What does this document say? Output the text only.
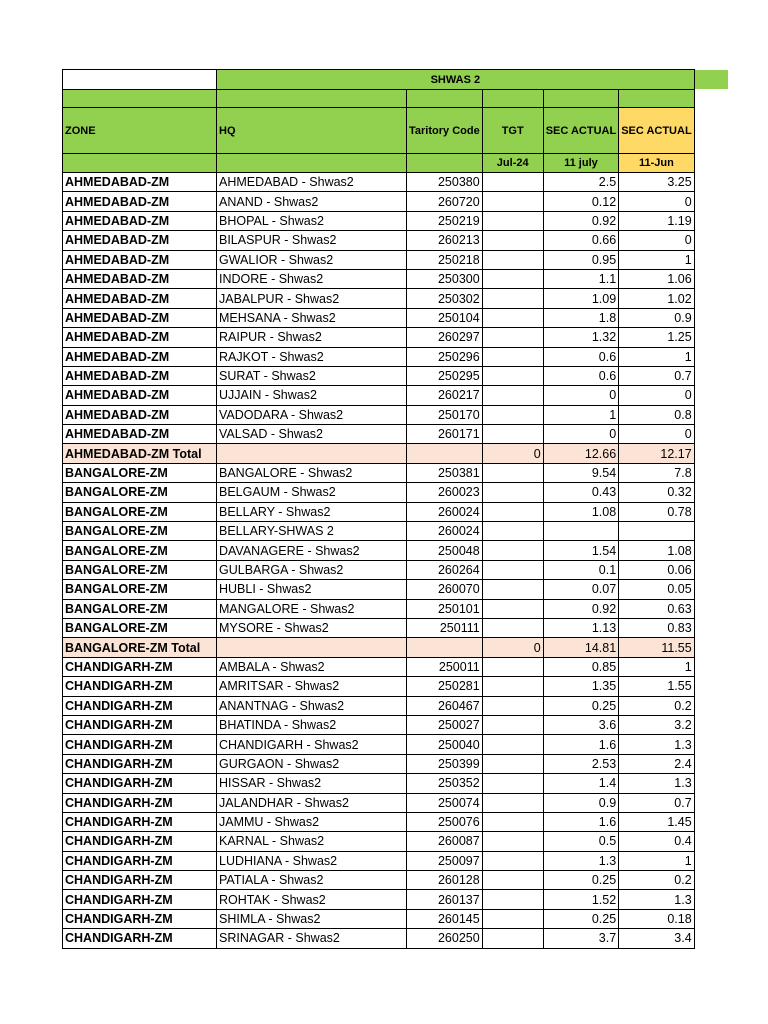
	SHWAS 2				

ZONE	HQ	Taritory Code	TGT	SEC ACTUAL	SEC ACTUAL
			Jul-24	11 july	11-Jun
AHMEDABAD-ZM	AHMEDABAD - Shwas2	250380		2.5	3.25
AHMEDABAD-ZM	ANAND - Shwas2	260720		0.12	0
AHMEDABAD-ZM	BHOPAL - Shwas2	250219		0.92	1.19
AHMEDABAD-ZM	BILASPUR - Shwas2	260213		0.66	0
AHMEDABAD-ZM	GWALIOR - Shwas2	250218		0.95	1
AHMEDABAD-ZM	INDORE - Shwas2	250300		1.1	1.06
AHMEDABAD-ZM	JABALPUR - Shwas2	250302		1.09	1.02
AHMEDABAD-ZM	MEHSANA - Shwas2	250104		1.8	0.9
AHMEDABAD-ZM	RAIPUR - Shwas2	260297		1.32	1.25
AHMEDABAD-ZM	RAJKOT - Shwas2	250296		0.6	1
AHMEDABAD-ZM	SURAT - Shwas2	250295		0.6	0.7
AHMEDABAD-ZM	UJJAIN - Shwas2	260217		0	0
AHMEDABAD-ZM	VADODARA - Shwas2	250170		1	0.8
AHMEDABAD-ZM	VALSAD - Shwas2	260171		0	0
AHMEDABAD-ZM Total			0	12.66	12.17
BANGALORE-ZM	BANGALORE - Shwas2	250381		9.54	7.8
BANGALORE-ZM	BELGAUM - Shwas2	260023		0.43	0.32
BANGALORE-ZM	BELLARY - Shwas2	260024		1.08	0.78
BANGALORE-ZM	BELLARY-SHWAS 2	260024			
BANGALORE-ZM	DAVANAGERE - Shwas2	250048		1.54	1.08
BANGALORE-ZM	GULBARGA - Shwas2	260264		0.1	0.06
BANGALORE-ZM	HUBLI - Shwas2	260070		0.07	0.05
BANGALORE-ZM	MANGALORE - Shwas2	250101		0.92	0.63
BANGALORE-ZM	MYSORE - Shwas2	250111		1.13	0.83
BANGALORE-ZM Total			0	14.81	11.55
CHANDIGARH-ZM	AMBALA - Shwas2	250011		0.85	1
CHANDIGARH-ZM	AMRITSAR - Shwas2	250281		1.35	1.55
CHANDIGARH-ZM	ANANTNAG - Shwas2	260467		0.25	0.2
CHANDIGARH-ZM	BHATINDA - Shwas2	250027		3.6	3.2
CHANDIGARH-ZM	CHANDIGARH - Shwas2	250040		1.6	1.3
CHANDIGARH-ZM	GURGAON - Shwas2	250399		2.53	2.4
CHANDIGARH-ZM	HISSAR - Shwas2	250352		1.4	1.3
CHANDIGARH-ZM	JALANDHAR - Shwas2	250074		0.9	0.7
CHANDIGARH-ZM	JAMMU - Shwas2	250076		1.6	1.45
CHANDIGARH-ZM	KARNAL - Shwas2	260087		0.5	0.4
CHANDIGARH-ZM	LUDHIANA - Shwas2	250097		1.3	1
CHANDIGARH-ZM	PATIALA - Shwas2	260128		0.25	0.2
CHANDIGARH-ZM	ROHTAK - Shwas2	260137		1.52	1.3
CHANDIGARH-ZM	SHIMLA - Shwas2	260145		0.25	0.18
CHANDIGARH-ZM	SRINAGAR - Shwas2	260250		3.7	3.4
